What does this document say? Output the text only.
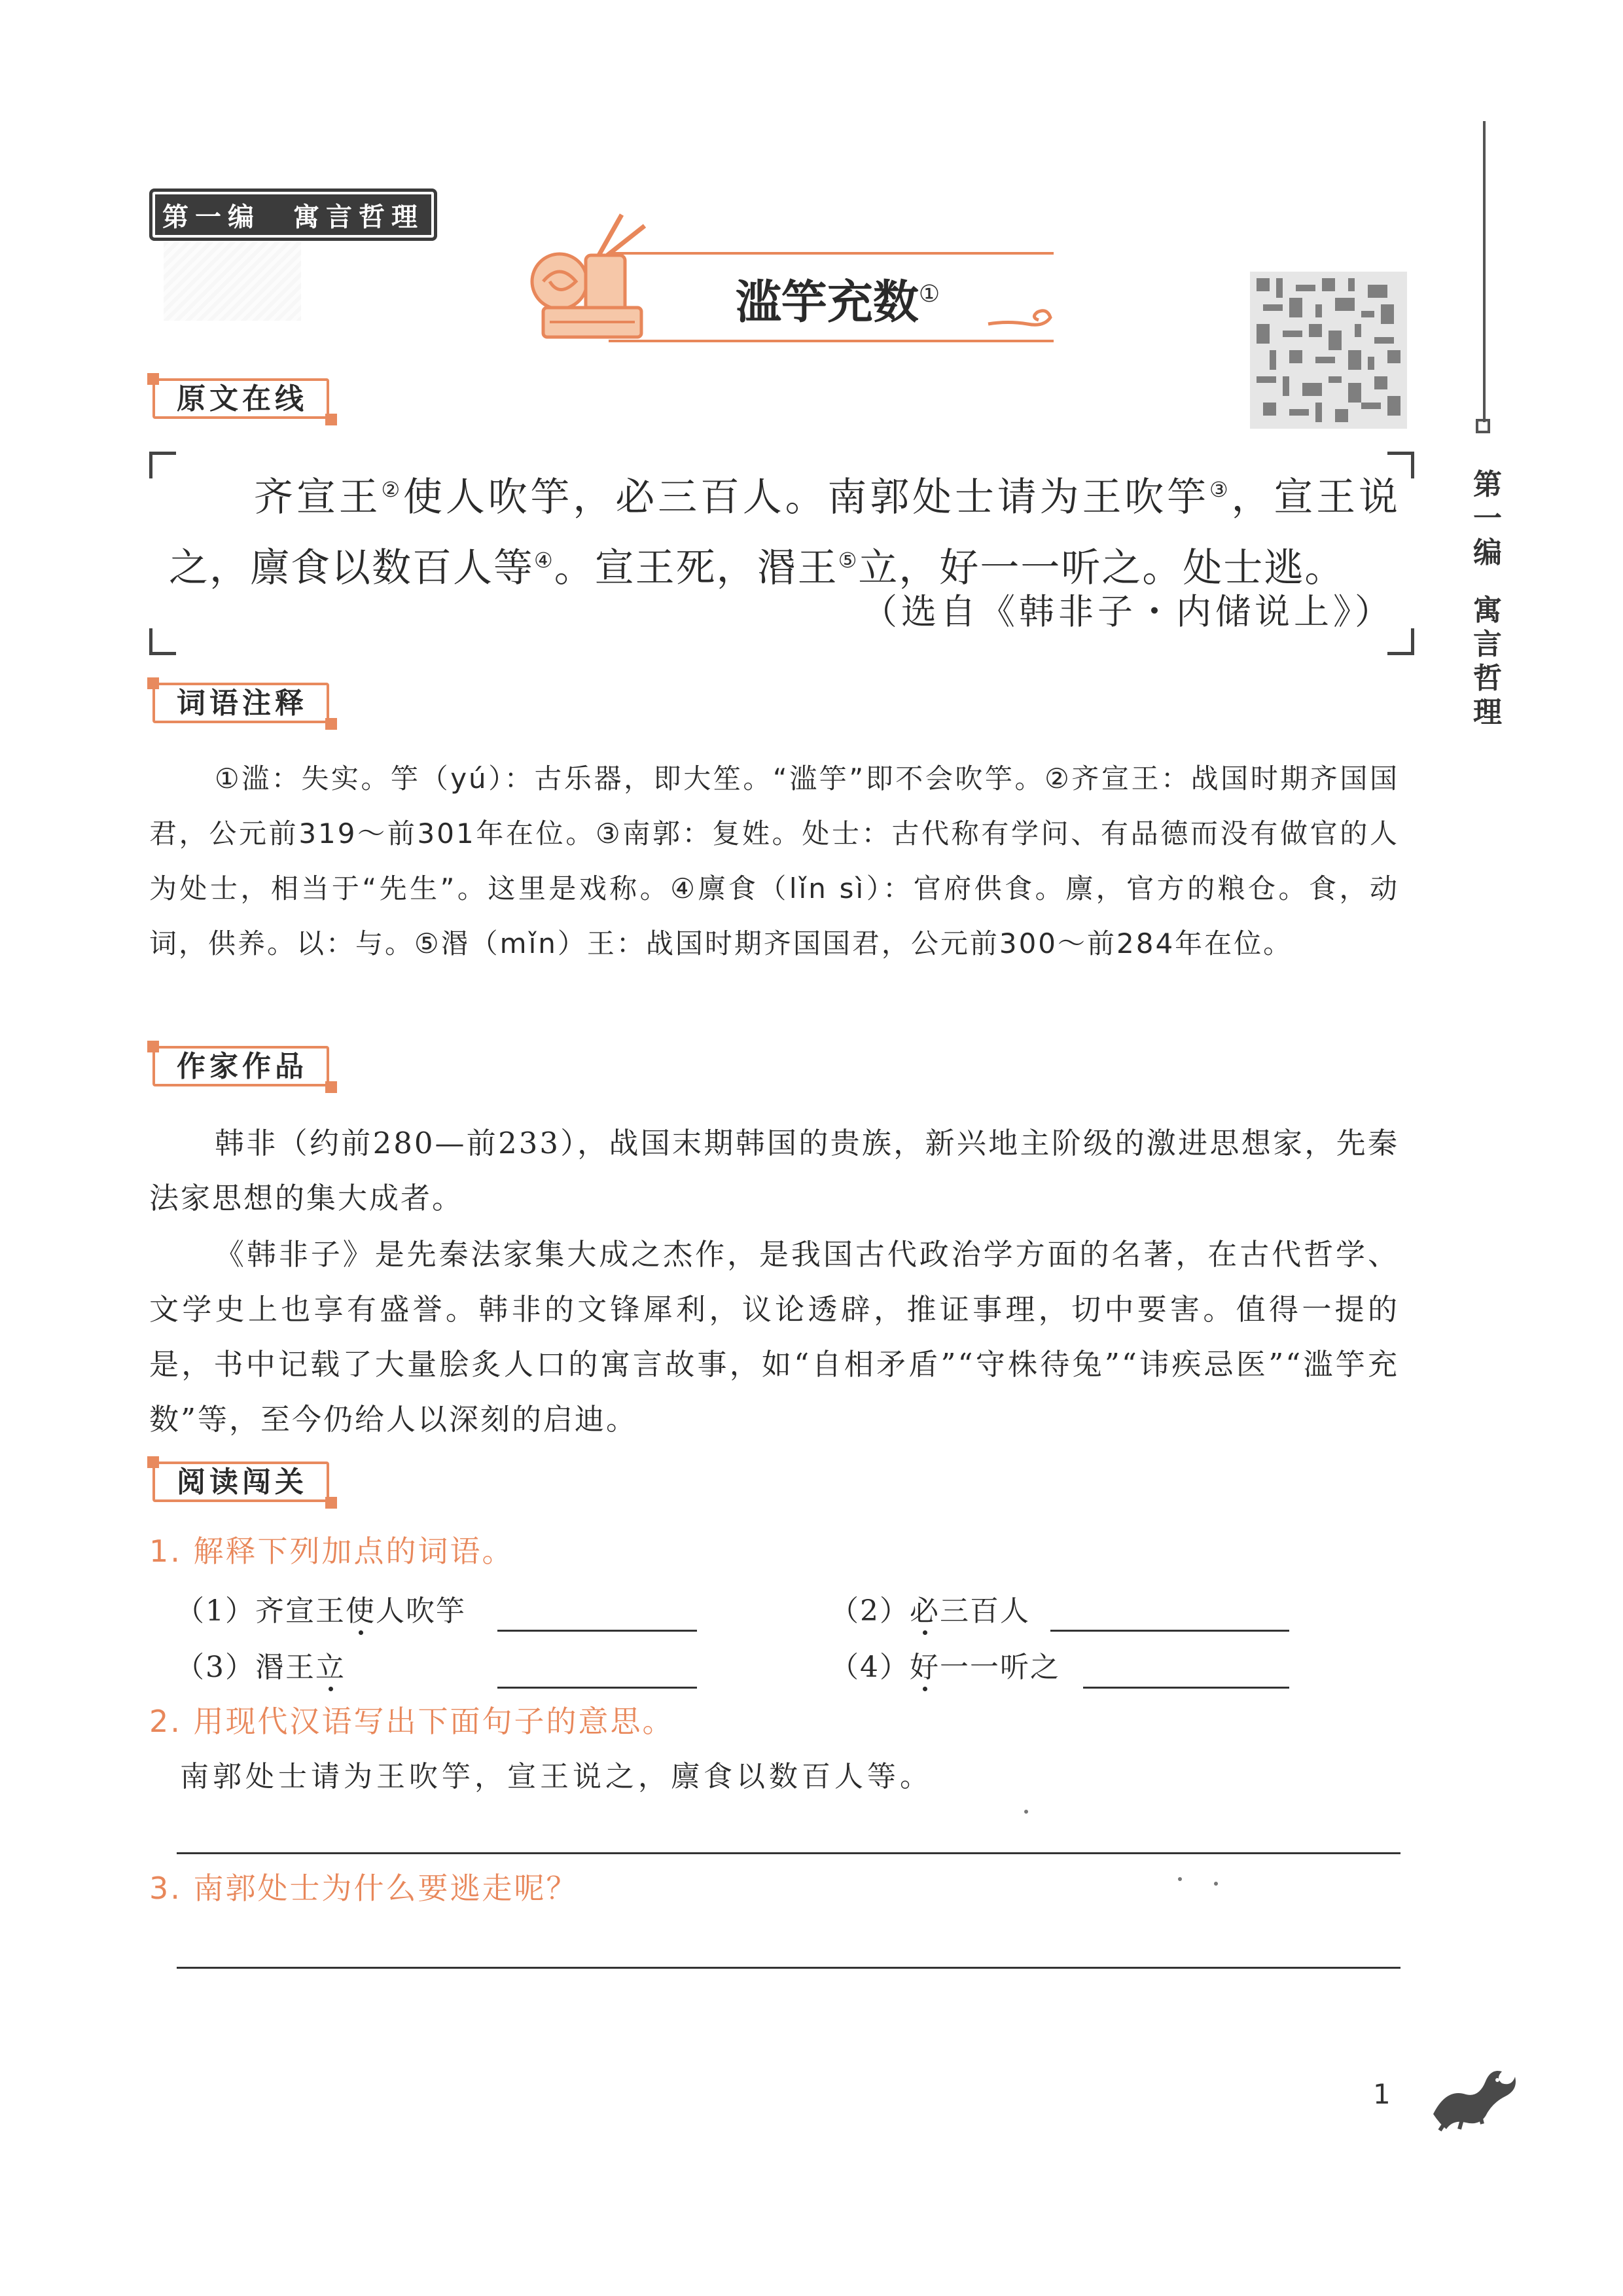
第
一
编
寓
言
哲
理
第一编　寓言哲理
滥竽充数①
原文在线
齐宣王②使人吹竽，必三百人。南郭处士请为王吹竽③，宣王说之，廪食以数百人等④。宣王死，湣王⑤立，好一一听之。处士逃。
（选自《韩非子・内储说上》）
词语注释
①滥：失实。竽（yú）：古乐器，即大笙。“滥竽”即不会吹竽。②齐宣王：战国时期齐国国君，公元前319～前301年在位。③南郭：复姓。处士：古代称有学问、有品德而没有做官的人为处士，相当于“先生”。这里是戏称。④廪食（lǐn sì）：官府供食。廪，官方的粮仓。食，动词，供养。以：与。⑤湣（mǐn）王：战国时期齐国国君，公元前300～前284年在位。
作家作品
韩非（约前280—前233），战国末期韩国的贵族，新兴地主阶级的激进思想家，先秦法家思想的集大成者。
《韩非子》是先秦法家集大成之杰作，是我国古代政治学方面的名著，在古代哲学、文学史上也享有盛誉。韩非的文锋犀利，议论透辟，推证事理，切中要害。值得一提的是，书中记载了大量脍炙人口的寓言故事，如“自相矛盾”“守株待兔”“讳疾忌医”“滥竽充数”等，至今仍给人以深刻的启迪。
阅读闯关
1. 解释下列加点的词语。
（1）齐宣王使人吹竽	（2）必三百人
（3）湣王立	（4）好一一听之
2. 用现代汉语写出下面句子的意思。
南郭处士请为王吹竽，宣王说之，廪食以数百人等。
3. 南郭处士为什么要逃走呢？
1
